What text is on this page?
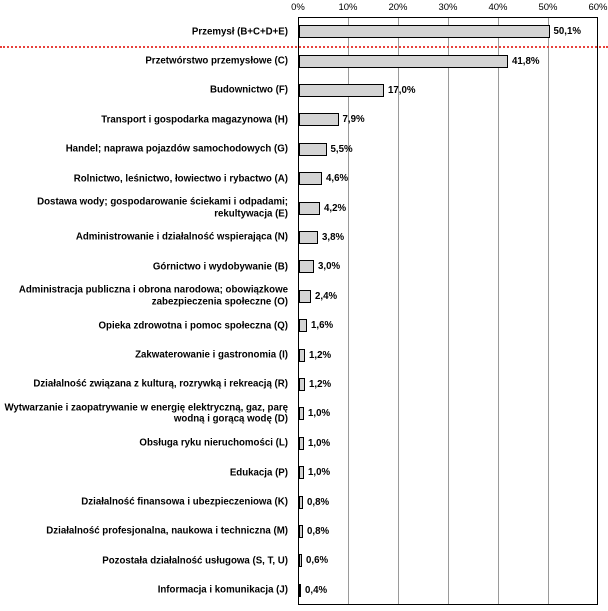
0%	10%	20%	30%	40%	50%	60%
Przemysł (B+C+D+E)	50,1%
Przetwórstwo przemysłowe (C)	41,8%
Budownictwo (F)	17,0%
Transport i gospodarka magazynowa (H)	7,9%
Handel; naprawa pojazdów samochodowych (G)	5,5%
Rolnictwo, leśnictwo, łowiectwo i rybactwo (A)	4,6%
Dostawa wody; gospodarowanie ściekami i odpadami; rekultywacja (E)	4,2%
Administrowanie i działalność wspierająca (N)	3,8%
Górnictwo i wydobywanie (B)	3,0%
Administracja publiczna i obrona narodowa; obowiązkowe zabezpieczenia społeczne (O)	2,4%
Opieka zdrowotna i pomoc społeczna (Q)	1,6%
Zakwaterowanie i gastronomia (I)	1,2%
Działalność związana z kulturą, rozrywką i rekreacją (R)	1,2%
Wytwarzanie i zaopatrywanie w energię elektryczną, gaz, parę wodną i gorącą wodę (D)	1,0%
Obsługa ryku nieruchomości (L)	1,0%
Edukacja (P)	1,0%
Działalność finansowa i ubezpieczeniowa (K)	0,8%
Działalność profesjonalna, naukowa i techniczna (M)	0,8%
Pozostała działalność usługowa (S, T, U)	0,6%
Informacja i komunikacja (J)	0,4%
